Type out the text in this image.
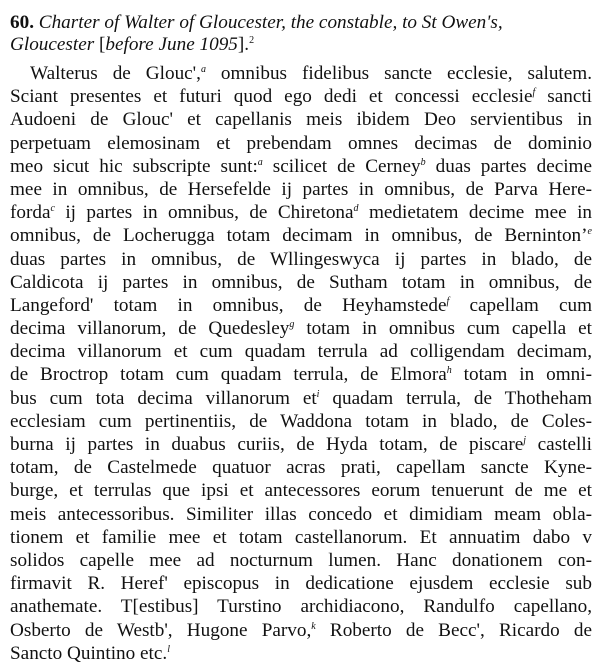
60. Charter of Walter of Gloucester, the constable, to St Owen's,
Gloucester [before June 1095].$^2$
Walterus de Glouc',$^a$ omnibus fidelibus sancte ecclesie, salutem.
Sciant presentes et futuri quod ego dedi et concessi ecclesie$^f$ sancti
Audoeni de Glouc' et capellanis meis ibidem Deo servientibus in
perpetuam elemosinam et prebendam omnes decimas de dominio
meo sicut hic subscripte sunt:$^a$ scilicet de Cerney$^b$ duas partes decime
mee in omnibus, de Hersefelde ij partes in omnibus, de Parva Here-
forda$^c$ ij partes in omnibus, de Chiretona$^d$ medietatem decime mee in
omnibus, de Locherugga totam decimam in omnibus, de Bernintonʼ$^e$
duas partes in omnibus, de Wllingeswyca ij partes in blado, de
Caldicota ij partes in omnibus, de Sutham totam in omnibus, de
Langeford' totam in omnibus, de Heyhamstede$^f$ capellam cum
decima villanorum, de Quedesley$^g$ totam in omnibus cum capella et
decima villanorum et cum quadam terrula ad colligendam decimam,
de Broctrop totam cum quadam terrula, de Elmora$^h$ totam in omni-
bus cum tota decima villanorum $et^i$ quadam terrula, de Thotheham
ecclesiam cum pertinentiis, de Waddona totam in blado, de Coles-
burna ij partes in duabus curiis, de Hyda totam, de piscare$^j$ castelli
totam, de Castelmede quatuor acras prati, capellam sancte Kyne-
burge, et terrulas que ipsi et antecessores eorum tenuerunt de me et
meis antecessoribus. Similiter illas concedo et dimidiam meam obla-
tionem et familie mee et totam castellanorum. Et annuatim dabo v
solidos capelle mee ad nocturnum lumen. Hanc donationem con-
firmavit R. Heref' episcopus in dedicatione ejusdem ecclesie sub
anathemate. T[estibus] Turstino archidiacono, Randulfo capellano,
Osberto de Westb', Hugone Parvo,$^k$ Roberto de Becc', Ricardo de
Sancto Quintino etc.$^l$
